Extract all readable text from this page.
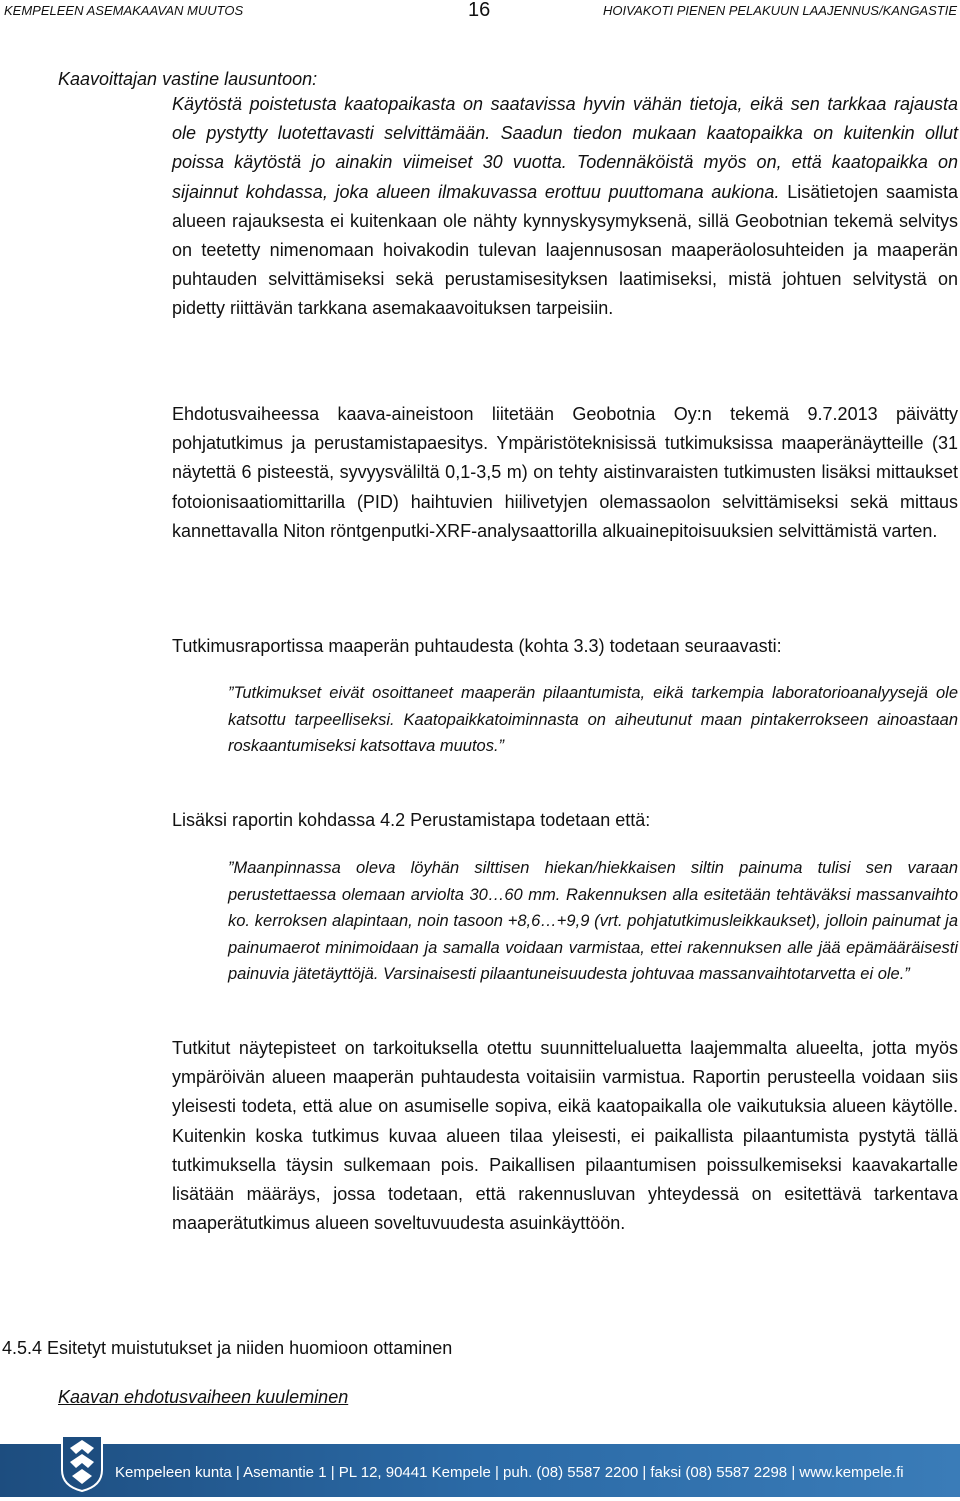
KEMPELEEN ASEMAKAAVAN MUUTOS	16	HOIVAKOTI PIENEN PELAKUUN LAAJENNUS/KANGASTIE

Kaavoittajan vastine lausuntoon:

Käytöstä poistetusta kaatopaikasta on saatavissa hyvin vähän tietoja, eikä sen tarkkaa rajausta ole pystytty luotettavasti selvittämään. Saadun tiedon mukaan kaatopaikka on kuitenkin ollut poissa käytöstä jo ainakin viimeiset 30 vuotta. Todennäköistä myös on, että kaatopaikka on sijainnut kohdassa, joka alueen ilmakuvassa erottuu puuttomana aukiona. Lisätietojen saamista alueen rajauksesta ei kuitenkaan ole nähty kynnyskysymyksenä, sillä Geobotnian tekemä selvitys on teetetty nimenomaan hoivakodin tulevan laajennusosan maaperäolosuhteiden ja maaperän puhtauden selvittämiseksi sekä perustamisesityksen laatimiseksi, mistä johtuen selvitystä on pidetty riittävän tarkkana asemakaavoituksen tarpeisiin.

Ehdotusvaiheessa kaava-aineistoon liitetään Geobotnia Oy:n tekemä 9.7.2013 päivätty pohjatutkimus ja perustamistapaesitys. Ympäristöteknisissä tutkimuksissa maaperänäytteille (31 näytettä 6 pisteestä, syvyysväliltä 0,1-3,5 m) on tehty aistinvaraisten tutkimusten lisäksi mittaukset fotoionisaatiomittarilla (PID) haihtuvien hiilivetyjen olemassaolon selvittämiseksi sekä mittaus kannettavalla Niton röntgenputki-XRF-analysaattorilla alkuainepitoisuuksien selvittämistä varten.

Tutkimusraportissa maaperän puhtaudesta (kohta 3.3) todetaan seuraavasti:

”Tutkimukset eivät osoittaneet maaperän pilaantumista, eikä tarkempia laboratorioanalyysejä ole katsottu tarpeelliseksi. Kaatopaikkatoiminnasta on aiheutunut maan pintakerrokseen ainoastaan roskaantumiseksi katsottava muutos.”

Lisäksi raportin kohdassa 4.2 Perustamistapa todetaan että:

”Maanpinnassa oleva löyhän silttisen hiekan/hiekkaisen siltin painuma tulisi sen varaan perustettaessa olemaan arviolta 30…60 mm. Rakennuksen alla esitetään tehtäväksi massanvaihto ko. kerroksen alapintaan, noin tasoon +8,6…+9,9 (vrt. pohjatutkimusleikkaukset), jolloin painumat ja painumaerot minimoidaan ja samalla voidaan varmistaa, ettei rakennuksen alle jää epämääräisesti painuvia jätetäyttöjä. Varsinaisesti pilaantuneisuudesta johtuvaa massanvaihtotarvetta ei ole.”

Tutkitut näytepisteet on tarkoituksella otettu suunnittelualuetta laajemmalta alueelta, jotta myös ympäröivän alueen maaperän puhtaudesta voitaisiin varmistua. Raportin perusteella voidaan siis yleisesti todeta, että alue on asumiselle sopiva, eikä kaatopaikalla ole vaikutuksia alueen käytölle. Kuitenkin koska tutkimus kuvaa alueen tilaa yleisesti, ei paikallista pilaantumista pystytä tällä tutkimuksella täysin sulkemaan pois. Paikallisen pilaantumisen poissulkemiseksi kaavakartalle lisätään määräys, jossa todetaan, että rakennusluvan yhteydessä on esitettävä tarkentava maaperätutkimus alueen soveltuvuudesta asuinkäyttöön.

4.5.4 Esitetyt muistutukset ja niiden huomioon ottaminen

Kaavan ehdotusvaiheen kuuleminen

Kempeleen kunta | Asemantie 1 | PL 12, 90441 Kempele | puh. (08) 5587 2200 | faksi (08) 5587 2298 | www.kempele.fi
